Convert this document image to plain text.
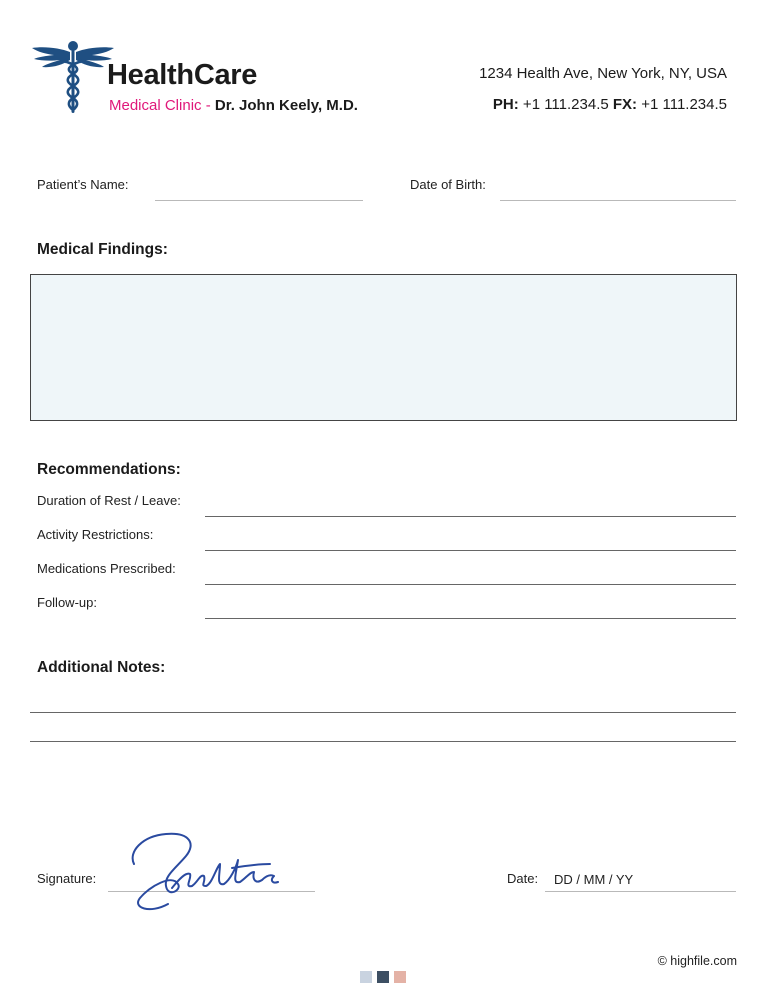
HealthCare
Medical Clinic - Dr. John Keely, M.D.
1234 Health Ave, New York, NY, USA
PH: +1 111.234.5 FX: +1 111.234.5
Patient’s Name:	Date of Birth:
Medical Findings:
Recommendations:
Duration of Rest / Leave:
Activity Restrictions:
Medications Prescribed:
Follow-up:
Additional Notes:
Signature:	Date: DD / MM / YY
© highfile.com
